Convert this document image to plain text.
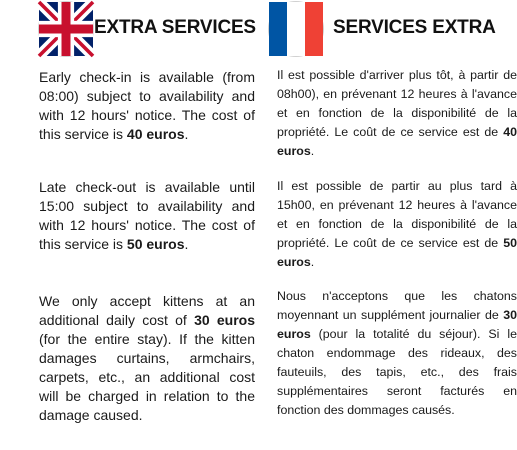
EXTRA SERVICES
Early check-in is available (from 08:00) subject to availability and with 12 hours' notice. The cost of this service is 40 euros.
Late check-out is available until 15:00 subject to availability and with 12 hours' notice. The cost of this service is 50 euros.
We only accept kittens at an additional daily cost of 30 euros (for the entire stay). If the kitten damages curtains, armchairs, carpets, etc., an additional cost will be charged in relation to the damage caused.
SERVICES EXTRA
Il est possible d'arriver plus tôt, à partir de 08h00), en prévenant 12 heures à l'avance et en fonction de la disponibilité de la propriété. Le coût de ce service est de 40 euros.
Il est possible de partir au plus tard à 15h00, en prévenant 12 heures à l'avance et en fonction de la disponibilité de la propriété. Le coût de ce service est de 50 euros.
Nous n'acceptons que les chatons moyennant un supplément journalier de 30 euros (pour la totalité du séjour). Si le chaton endommage des rideaux, des fauteuils, des tapis, etc., des frais supplémentaires seront facturés en fonction des dommages causés.
